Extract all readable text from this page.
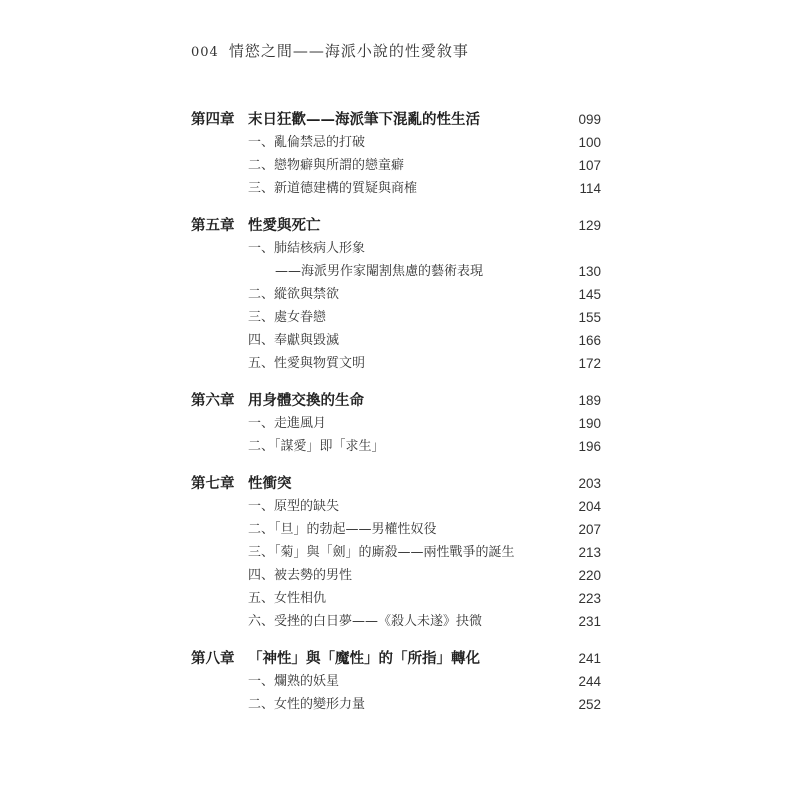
004 情慾之間——海派小說的性愛敘事
第四章 末日狂歡——海派筆下混亂的性生活	099
一、亂倫禁忌的打破	100
二、戀物癖與所謂的戀童癖	107
三、新道德建構的質疑與商榷	114
第五章 性愛與死亡	129
一、肺結核病人形象
——海派男作家閹割焦慮的藝術表現	130
二、縱欲與禁欲	145
三、處女眷戀	155
四、奉獻與毀滅	166
五、性愛與物質文明	172
第六章 用身體交換的生命	189
一、走進風月	190
二、「謀愛」即「求生」	196
第七章 性衝突	203
一、原型的缺失	204
二、「旦」的勃起——男權性奴役	207
三、「菊」與「劍」的廝殺——兩性戰爭的誕生	213
四、被去勢的男性	220
五、女性相仇	223
六、受挫的白日夢——《殺人未遂》抉微	231
第八章 「神性」與「魔性」的「所指」轉化	241
一、爛熟的妖星	244
二、女性的變形力量	252
